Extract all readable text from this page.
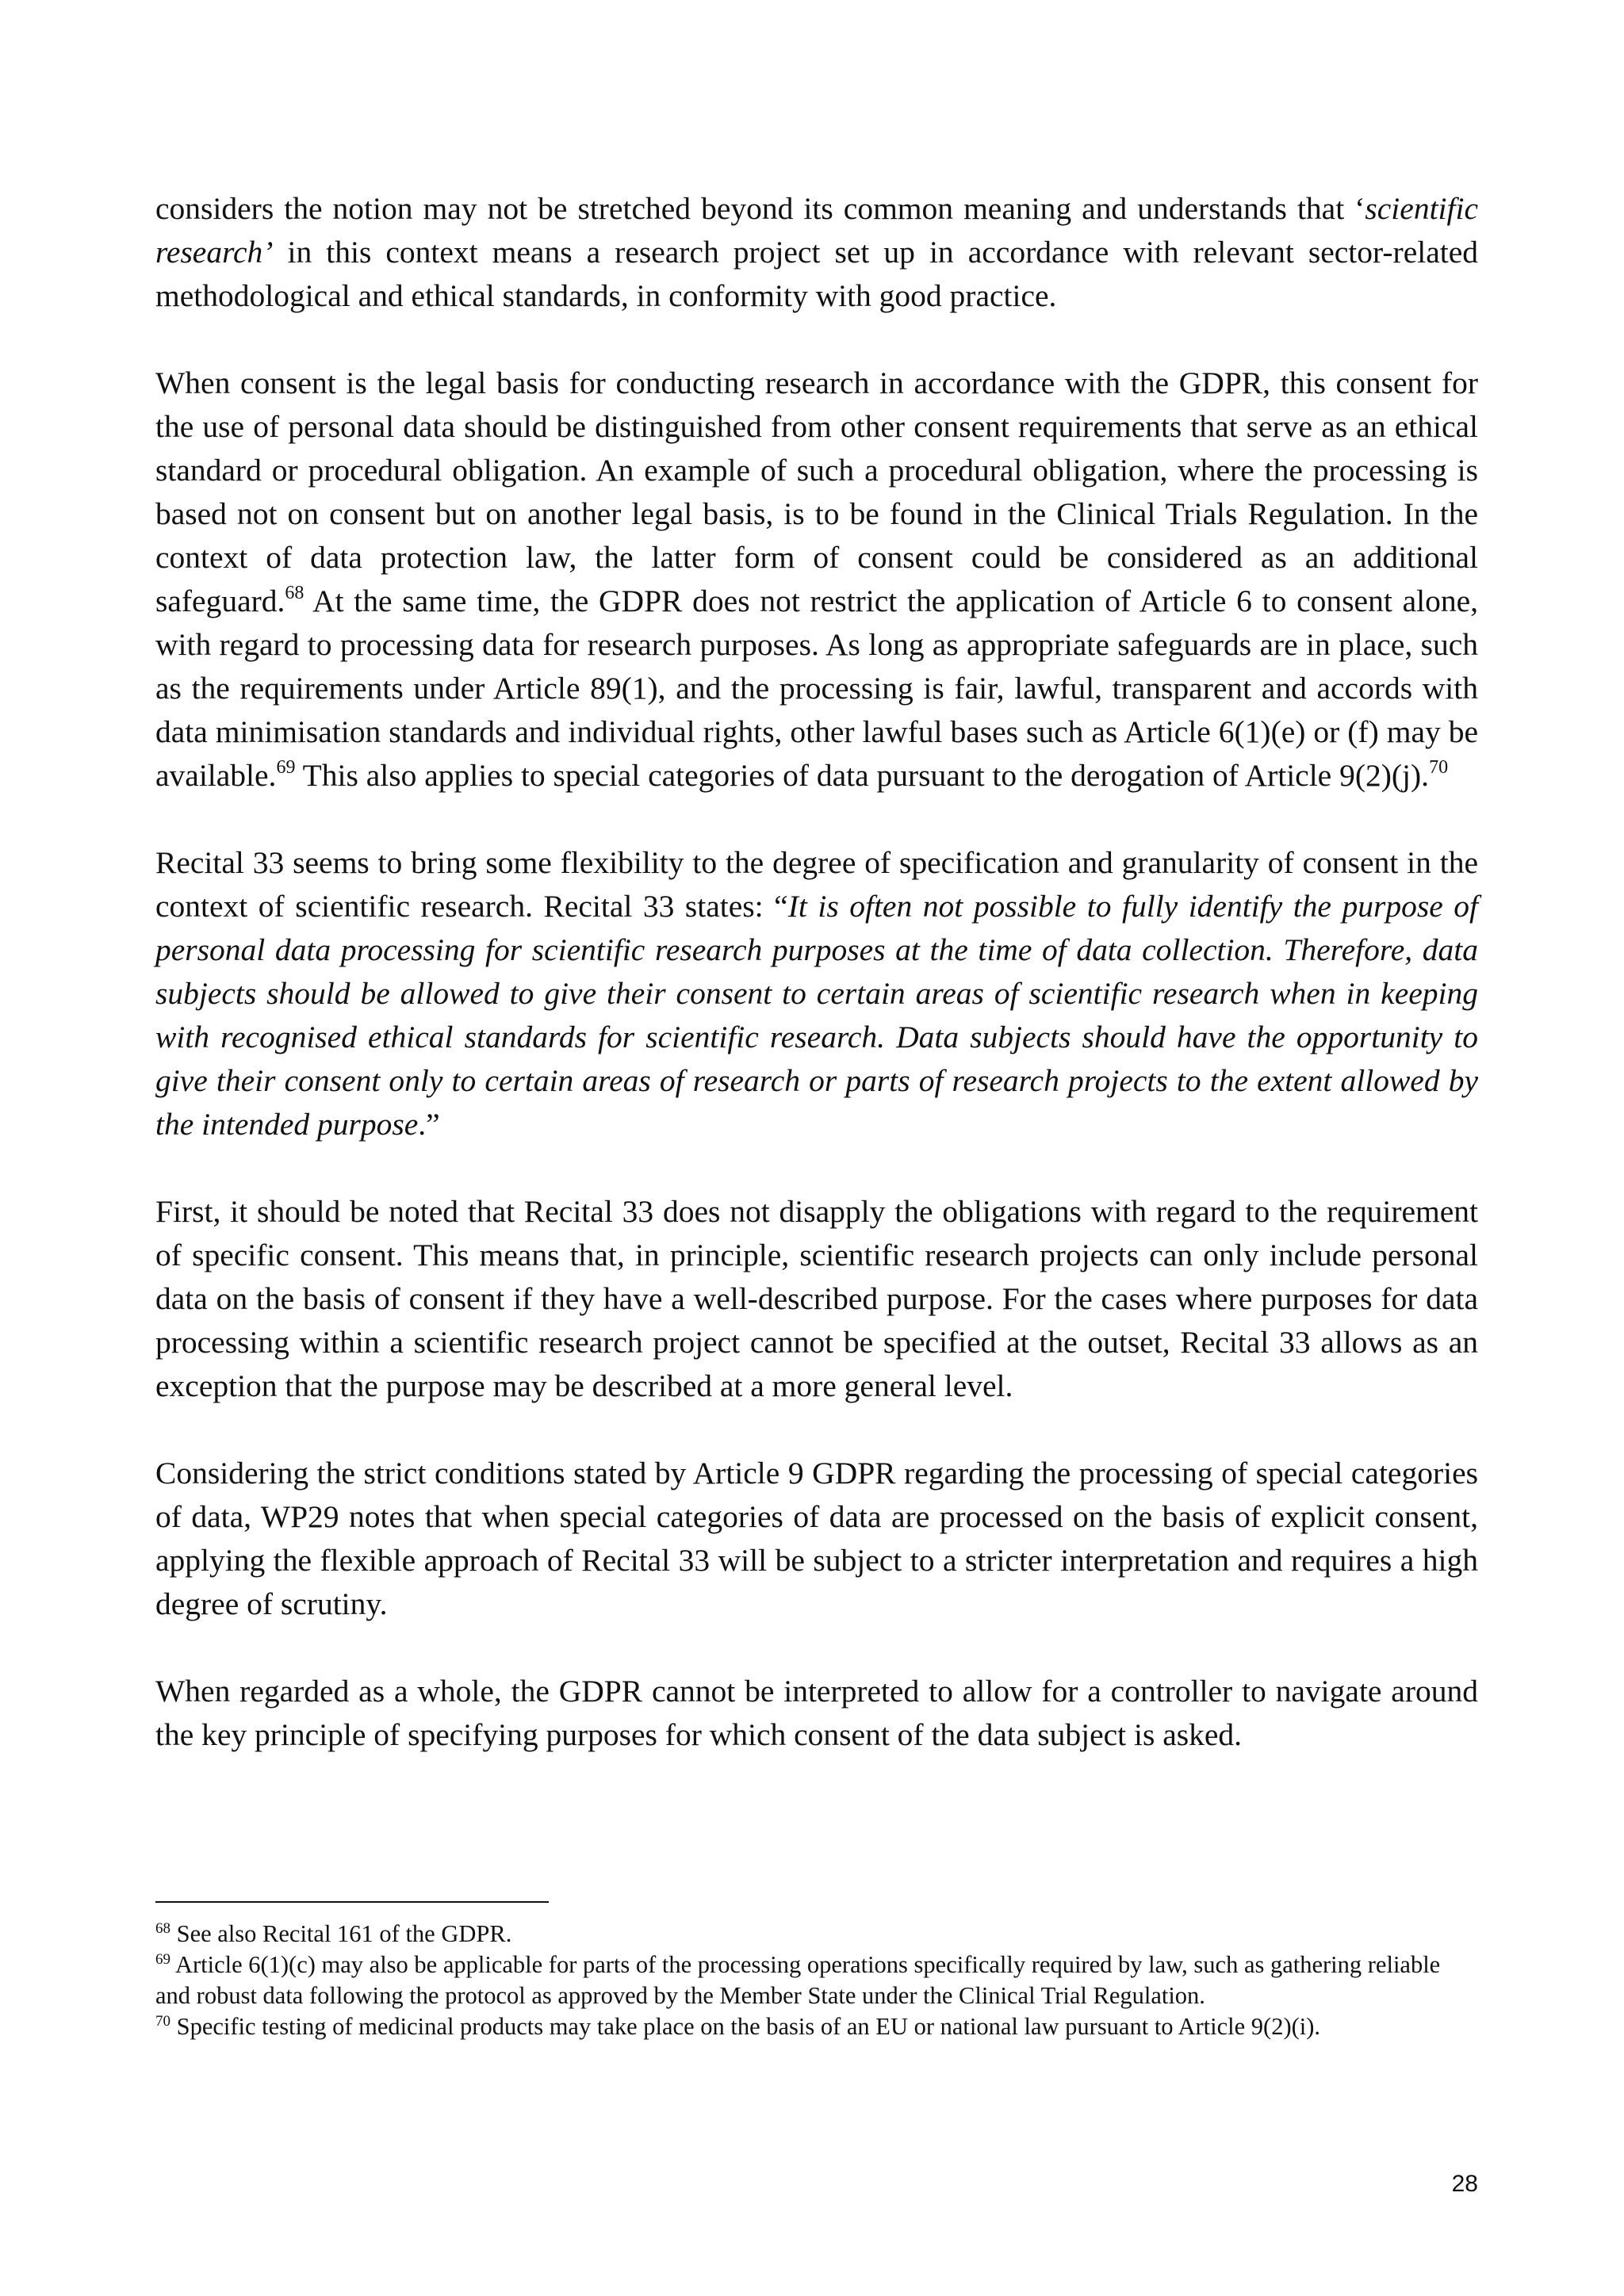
considers the notion may not be stretched beyond its common meaning and understands that ‘scientific research’ in this context means a research project set up in accordance with relevant sector-related methodological and ethical standards, in conformity with good practice.

When consent is the legal basis for conducting research in accordance with the GDPR, this consent for the use of personal data should be distinguished from other consent requirements that serve as an ethical standard or procedural obligation. An example of such a procedural obligation, where the processing is based not on consent but on another legal basis, is to be found in the Clinical Trials Regulation. In the context of data protection law, the latter form of consent could be considered as an additional safeguard.$^{68}$ At the same time, the GDPR does not restrict the application of Article 6 to consent alone, with regard to processing data for research purposes. As long as appropriate safeguards are in place, such as the requirements under Article 89(1), and the processing is fair, lawful, transparent and accords with data minimisation standards and individual rights, other lawful bases such as Article 6(1)(e) or (f) may be available.$^{69}$ This also applies to special categories of data pursuant to the derogation of Article 9(2)(j).$^{70}$

Recital 33 seems to bring some flexibility to the degree of specification and granularity of consent in the context of scientific research. Recital 33 states: “It is often not possible to fully identify the purpose of personal data processing for scientific research purposes at the time of data collection. Therefore, data subjects should be allowed to give their consent to certain areas of scientific research when in keeping with recognised ethical standards for scientific research. Data subjects should have the opportunity to give their consent only to certain areas of research or parts of research projects to the extent allowed by the intended purpose.”

First, it should be noted that Recital 33 does not disapply the obligations with regard to the requirement of specific consent. This means that, in principle, scientific research projects can only include personal data on the basis of consent if they have a well-described purpose. For the cases where purposes for data processing within a scientific research project cannot be specified at the outset, Recital 33 allows as an exception that the purpose may be described at a more general level.

Considering the strict conditions stated by Article 9 GDPR regarding the processing of special categories of data, WP29 notes that when special categories of data are processed on the basis of explicit consent, applying the flexible approach of Recital 33 will be subject to a stricter interpretation and requires a high degree of scrutiny.

When regarded as a whole, the GDPR cannot be interpreted to allow for a controller to navigate around the key principle of specifying purposes for which consent of the data subject is asked.

$^{68}$ See also Recital 161 of the GDPR.

$^{69}$ Article 6(1)(c) may also be applicable for parts of the processing operations specifically required by law, such as gathering reliable and robust data following the protocol as approved by the Member State under the Clinical Trial Regulation.

$^{70}$ Specific testing of medicinal products may take place on the basis of an EU or national law pursuant to Article 9(2)(i).

28
